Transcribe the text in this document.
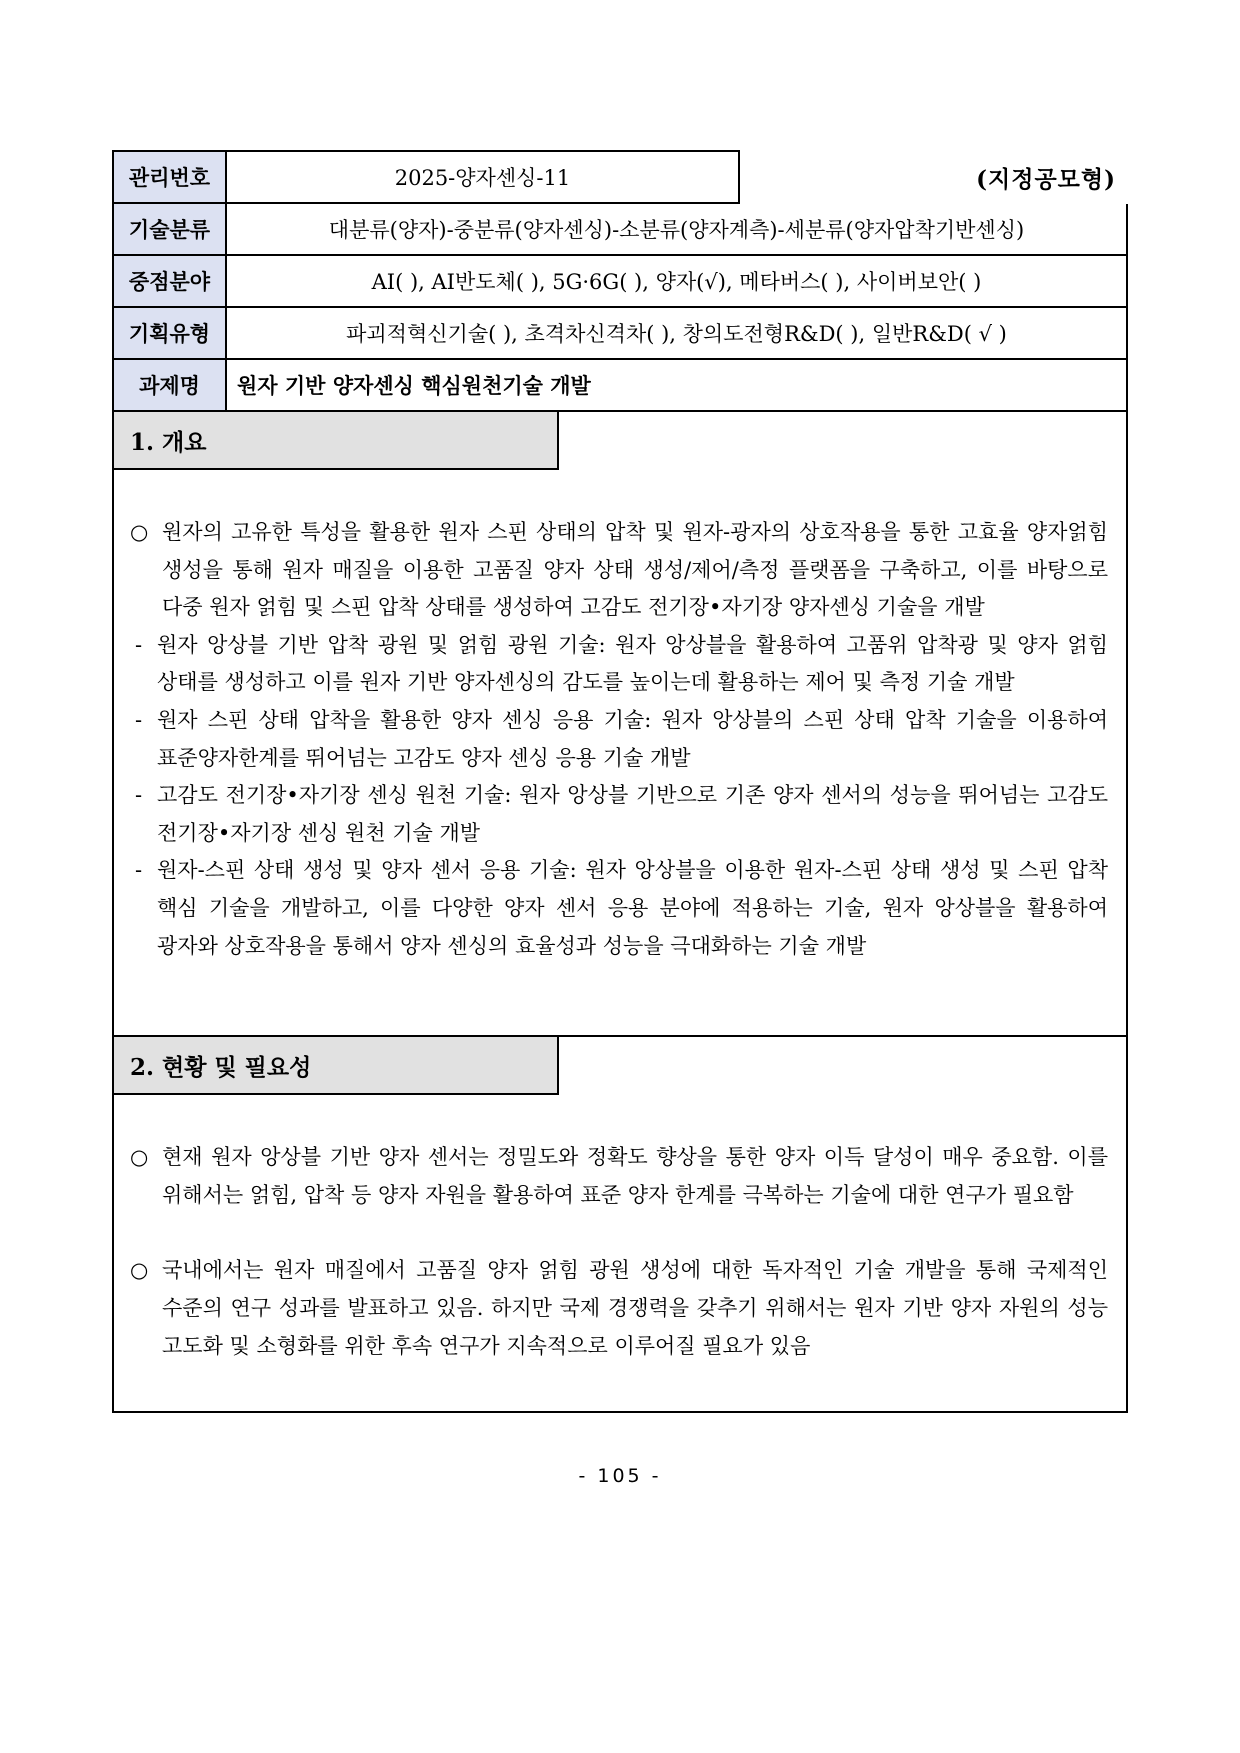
관리번호	2025-양자센싱-11	(지정공모형)
기술분류	대분류(양자)-중분류(양자센싱)-소분류(양자계측)-세분류(양자압착기반센싱)
중점분야	AI( ), AI반도체( ), 5G·6G( ), 양자(√), 메타버스( ), 사이버보안( )
기획유형	파괴적혁신기술( ), 초격차신격차( ), 창의도전형R&D( ), 일반R&D( √ )
과제명	원자 기반 양자센싱 핵심원천기술 개발
1. 개요
○ 원자의 고유한 특성을 활용한 원자 스핀 상태의 압착 및 원자-광자의 상호작용을 통한 고효율 양자얽힘 생성을 통해 원자 매질을 이용한 고품질 양자 상태 생성/제어/측정 플랫폼을 구축하고, 이를 바탕으로 다중 원자 얽힘 및 스핀 압착 상태를 생성하여 고감도 전기장•자기장 양자센싱 기술을 개발
- 원자 앙상블 기반 압착 광원 및 얽힘 광원 기술: 원자 앙상블을 활용하여 고품위 압착광 및 양자 얽힘 상태를 생성하고 이를 원자 기반 양자센싱의 감도를 높이는데 활용하는 제어 및 측정 기술 개발
- 원자 스핀 상태 압착을 활용한 양자 센싱 응용 기술: 원자 앙상블의 스핀 상태 압착 기술을 이용하여 표준양자한계를 뛰어넘는 고감도 양자 센싱 응용 기술 개발
- 고감도 전기장•자기장 센싱 원천 기술: 원자 앙상블 기반으로 기존 양자 센서의 성능을 뛰어넘는 고감도 전기장•자기장 센싱 원천 기술 개발
- 원자-스핀 상태 생성 및 양자 센서 응용 기술: 원자 앙상블을 이용한 원자-스핀 상태 생성 및 스핀 압착 핵심 기술을 개발하고, 이를 다양한 양자 센서 응용 분야에 적용하는 기술, 원자 앙상블을 활용하여 광자와 상호작용을 통해서 양자 센싱의 효율성과 성능을 극대화하는 기술 개발
2. 현황 및 필요성
○ 현재 원자 앙상블 기반 양자 센서는 정밀도와 정확도 향상을 통한 양자 이득 달성이 매우 중요함. 이를 위해서는 얽힘, 압착 등 양자 자원을 활용하여 표준 양자 한계를 극복하는 기술에 대한 연구가 필요함
○ 국내에서는 원자 매질에서 고품질 양자 얽힘 광원 생성에 대한 독자적인 기술 개발을 통해 국제적인 수준의 연구 성과를 발표하고 있음. 하지만 국제 경쟁력을 갖추기 위해서는 원자 기반 양자 자원의 성능 고도화 및 소형화를 위한 후속 연구가 지속적으로 이루어질 필요가 있음
- 105 -
